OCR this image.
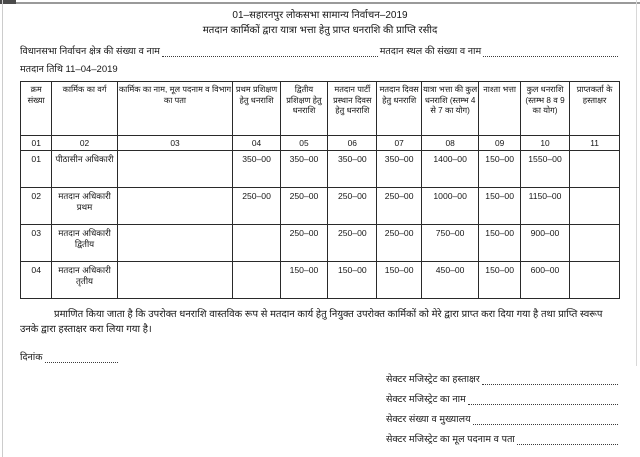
01–सहारनपुर लोकसभा सामान्य निर्वाचन–2019
मतदान कार्मिकों द्वारा यात्रा भत्ता हेतु प्राप्त धनराशि की प्राप्ति रसीद
विधानसभा निर्वाचन क्षेत्र की संख्या व नाम	मतदान स्थल की संख्या व नाम
मतदान तिथि 11–04–2019
क्रम संख्या	कार्मिक का वर्ग	कार्मिक का नाम, मूल पदनाम व विभाग का पता	प्रथम प्रशिक्षण हेतु धनराशि	द्वितीय प्रशिक्षण हेतु धनराशि	मतदान पार्टी प्रस्थान दिवस हेतु धनराशि	मतदान दिवस हेतु धनराशि	यात्रा भत्ता की कुल धनराशि (स्तम्भ 4 से 7 का योग)	नाश्ता भत्ता	कुल धनराशि (स्तम्भ 8 व 9 का योग)	प्राप्तकर्ता के हस्ताक्षर
01	02	03	04	05	06	07	08	09	10	11
01	पीठासीन अधिकारी		350–00	350–00	350–00	350–00	1400–00	150–00	1550–00	
02	मतदान अधिकारी प्रथम		250–00	250–00	250–00	250–00	1000–00	150–00	1150–00	
03	मतदान अधिकारी द्वितीय			250–00	250–00	250–00	750–00	150–00	900–00	
04	मतदान अधिकारी तृतीय			150–00	150–00	150–00	450–00	150–00	600–00	

प्रमाणित किया जाता है कि उपरोक्त धनराशि वास्तविक रूप से मतदान कार्य हेतु नियुक्त उपरोक्त कार्मिकों को मेरे द्वारा प्राप्त करा दिया गया है तथा प्राप्ति स्वरूप उनके द्वारा हस्ताक्षर करा लिया गया है।

दिनांक
सेक्टर मजिस्ट्रेट का हस्ताक्षर
सेक्टर मजिस्ट्रेट का नाम
सेक्टर संख्या व मुख्यालय
सेक्टर मजिस्ट्रेट का मूल पदनाम व पता
